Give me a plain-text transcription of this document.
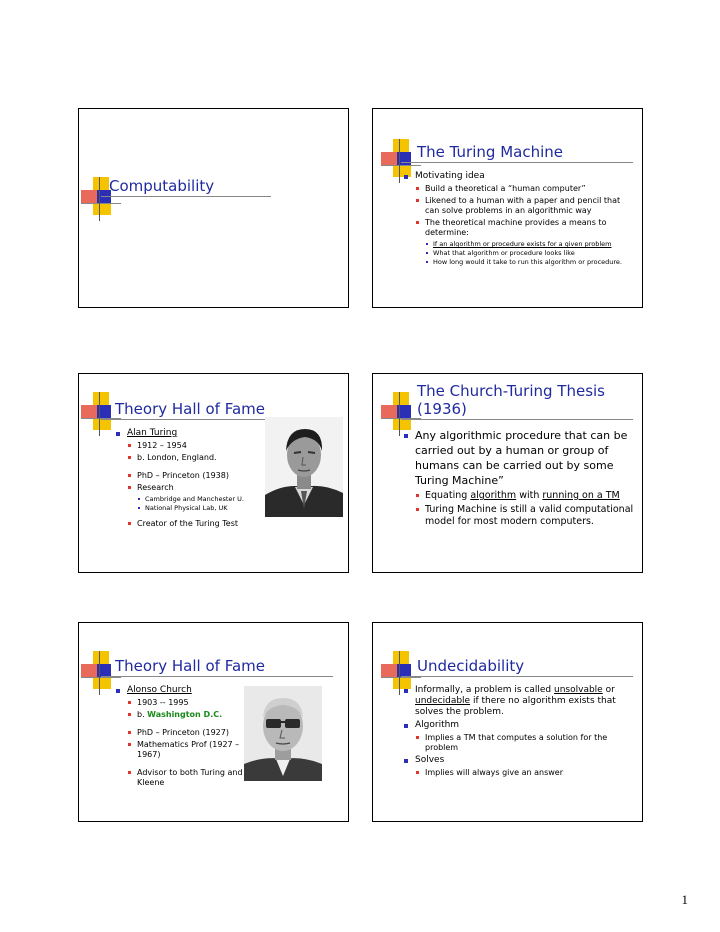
Computability
The Turing Machine
Motivating idea
Build a theoretical a “human computer”
Likened to a human with a paper and pencil that can solve problems in an algorithmic way
The theoretical machine provides a means to determine:
If an algorithm or procedure exists for a given problem
What that algorithm or procedure looks like
How long would it take to run this algorithm or procedure.
Theory Hall of Fame
Alan Turing
1912 – 1954
b. London, England.
PhD – Princeton (1938)
Research
Cambridge and Manchester U.
National Physical Lab, UK
Creator of the Turing Test
The Church-Turing Thesis
(1936)
Any algorithmic procedure that can be carried out by a human or group of humans can be carried out by some Turing Machine”
Equating algorithm with running on a TM
Turing Machine is still a valid computational model for most modern computers.
Theory Hall of Fame
Alonso Church
1903 -- 1995
b. Washington D.C.
PhD – Princeton (1927)
Mathematics Prof (1927 – 1967)
Advisor to both Turing and Kleene
Undecidability
Informally, a problem is called unsolvable or undecidable if there no algorithm exists that solves the problem.
Algorithm
Implies a TM that computes a solution for the problem
Solves
Implies will always give an answer
1
